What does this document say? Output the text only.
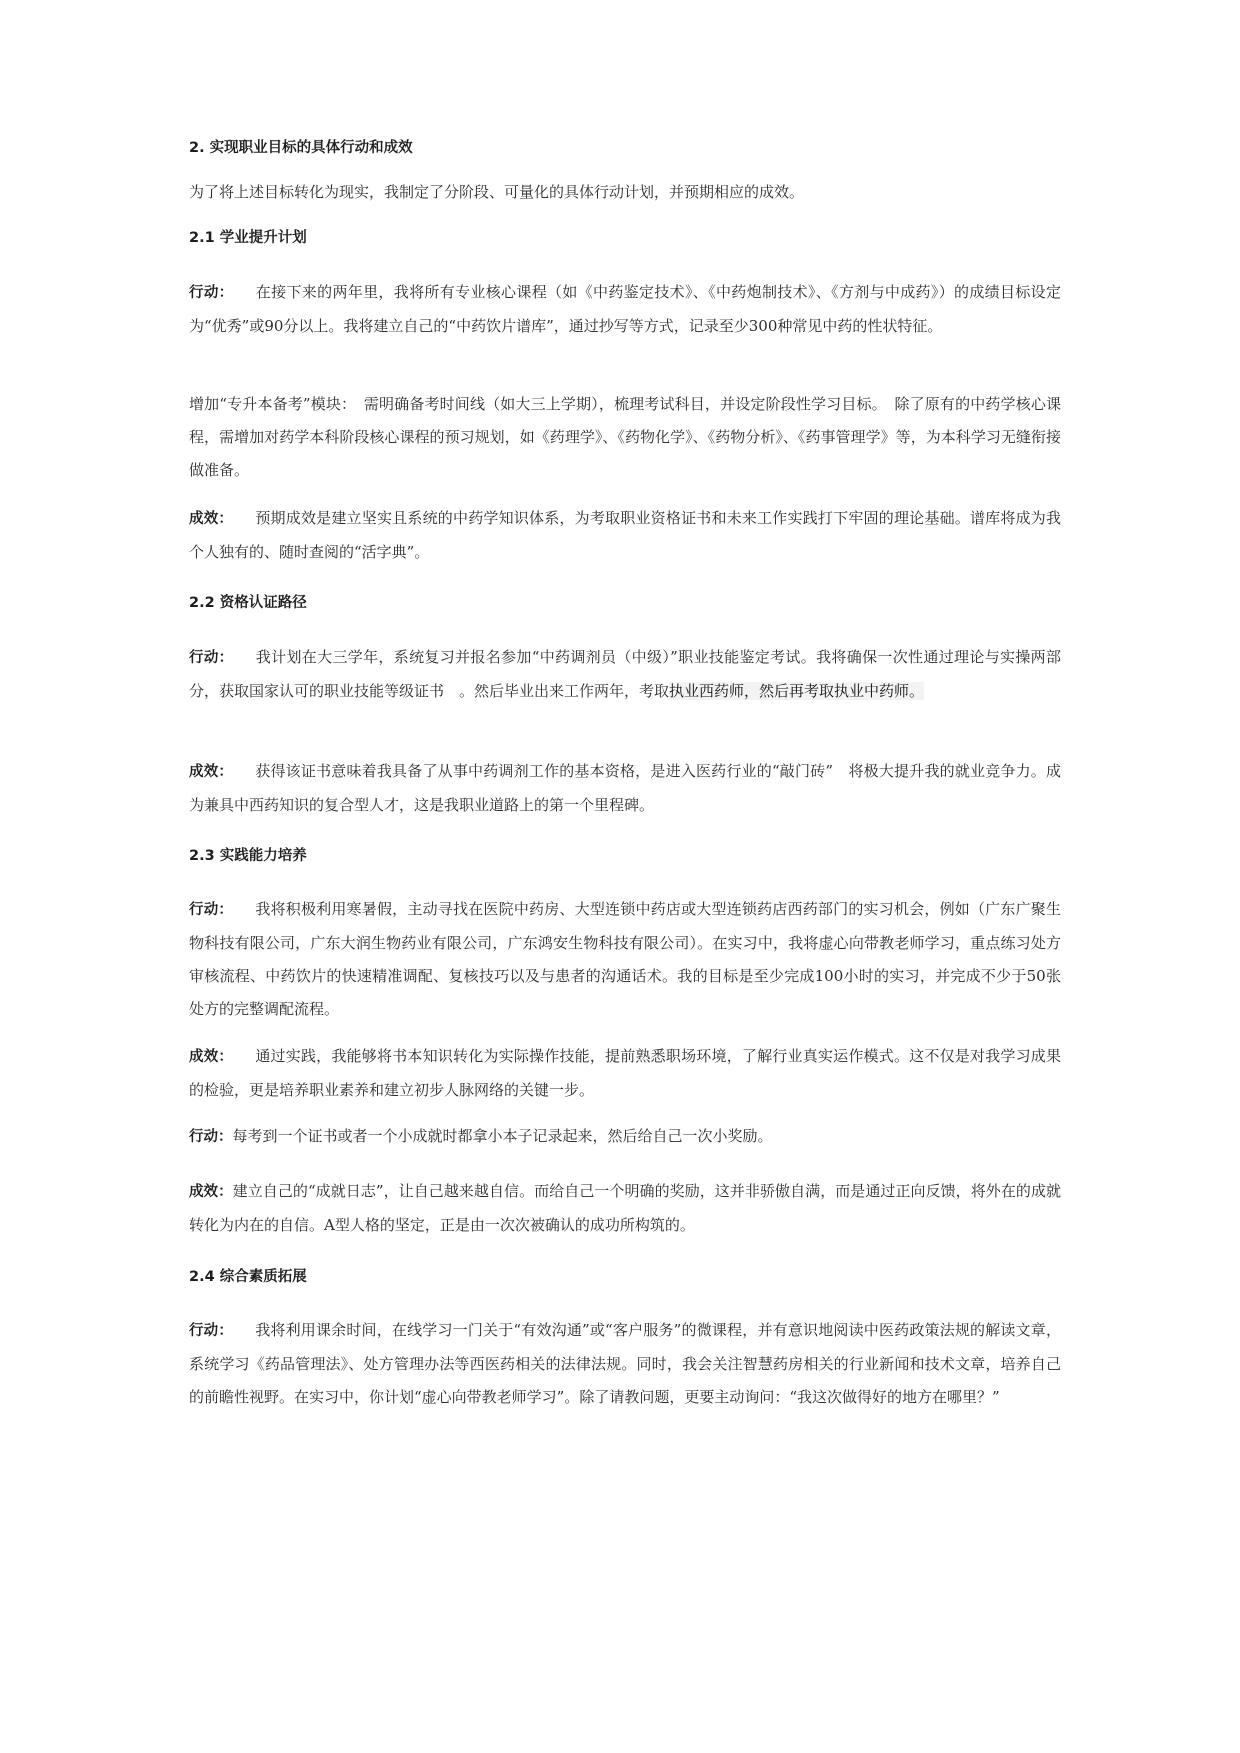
2. 实现职业目标的具体行动和成效

为了将上述目标转化为现实，我制定了分阶段、可量化的具体行动计划，并预期相应的成效。

2.1 学业提升计划

行动： 在接下来的两年里，我将所有专业核心课程（如《中药鉴定技术》、《中药炮制技术》、《方剂与中成药》）的成绩目标设定为“优秀”或90分以上。我将建立自己的“中药饮片谱库”，通过抄写等方式，记录至少300种常见中药的性状特征。

增加“专升本备考”模块：　需明确备考时间线（如大三上学期），梳理考试科目，并设定阶段性学习目标。　除了原有的中药学核心课程，需增加对药学本科阶段核心课程的预习规划，如《药理学》、《药物化学》、《药物分析》、《药事管理学》等，为本科学习无缝衔接做准备。

成效： 预期成效是建立坚实且系统的中药学知识体系，为考取职业资格证书和未来工作实践打下牢固的理论基础。谱库将成为我个人独有的、随时查阅的“活字典”。

2.2 资格认证路径

行动： 我计划在大三学年，系统复习并报名参加“中药调剂员（中级）”职业技能鉴定考试。我将确保一次性通过理论与实操两部分，获取国家认可的职业技能等级证书　。然后毕业出来工作两年，考取执业西药师，然后再考取执业中药师。

成效： 获得该证书意味着我具备了从事中药调剂工作的基本资格，是进入医药行业的“敲门砖”　将极大提升我的就业竞争力。成为兼具中西药知识的复合型人才，这是我职业道路上的第一个里程碑。

2.3 实践能力培养

行动： 我将积极利用寒暑假，主动寻找在医院中药房、大型连锁中药店或大型连锁药店西药部门的实习机会，例如（广东广聚生物科技有限公司，广东大润生物药业有限公司，广东鸿安生物科技有限公司）。在实习中，我将虚心向带教老师学习，重点练习处方审核流程、中药饮片的快速精准调配、复核技巧以及与患者的沟通话术。我的目标是至少完成100小时的实习，并完成不少于50张处方的完整调配流程。

成效： 通过实践，我能够将书本知识转化为实际操作技能，提前熟悉职场环境，了解行业真实运作模式。这不仅是对我学习成果的检验，更是培养职业素养和建立初步人脉网络的关键一步。

行动：每考到一个证书或者一个小成就时都拿小本子记录起来，然后给自己一次小奖励。

成效：建立自己的“成就日志”，让自己越来越自信。而给自己一个明确的奖励，这并非骄傲自满，而是通过正向反馈，将外在的成就转化为内在的自信。A型人格的坚定，正是由一次次被确认的成功所构筑的。

2.4 综合素质拓展

行动： 我将利用课余时间，在线学习一门关于“有效沟通”或“客户服务”的微课程，并有意识地阅读中医药政策法规的解读文章，系统学习《药品管理法》、处方管理办法等西医药相关的法律法规。同时，我会关注智慧药房相关的行业新闻和技术文章，培养自己的前瞻性视野。在实习中，你计划“虚心向带教老师学习”。除了请教问题，更要主动询问：“我这次做得好的地方在哪里？”
